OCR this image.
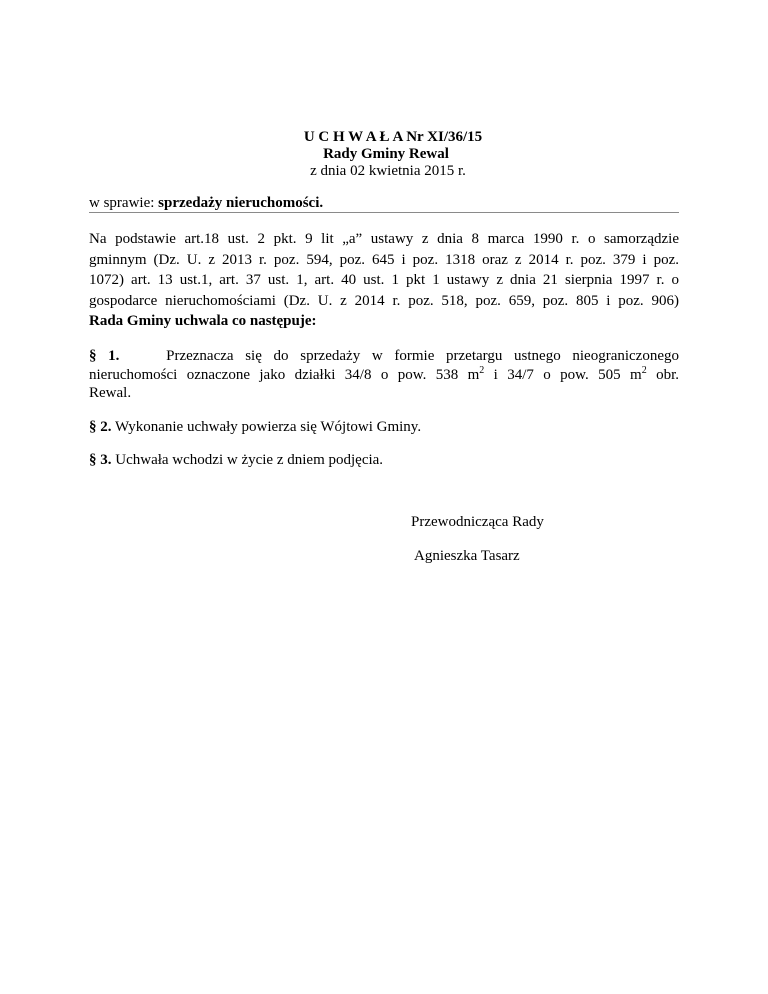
U C H W A Ł A Nr XI/36/15
Rady Gminy Rewal
z dnia 02 kwietnia 2015 r.
w sprawie: sprzedaży nieruchomości.
Na podstawie art.18 ust. 2 pkt. 9 lit „a” ustawy z dnia 8 marca 1990 r. o samorządzie
gminnym (Dz. U. z 2013 r. poz. 594, poz. 645 i poz. 1318 oraz z 2014 r. poz. 379 i poz.
1072) art. 13 ust.1, art. 37 ust. 1, art. 40 ust. 1 pkt 1 ustawy z dnia 21 sierpnia 1997 r. o
gospodarce nieruchomościami (Dz. U. z 2014 r. poz. 518, poz. 659, poz. 805 i poz. 906)
Rada Gminy uchwala co następuje:
§ 1.	Przeznacza się do sprzedaży w formie przetargu ustnego nieograniczonego
nieruchomości oznaczone jako działki 34/8 o pow. 538 $m^2$ i 34/7 o pow. 505 $m^2$ obr.
Rewal.
§ 2. Wykonanie uchwały powierza się Wójtowi Gminy.
§ 3. Uchwała wchodzi w życie z dniem podjęcia.
Przewodnicząca Rady
Agnieszka Tasarz
